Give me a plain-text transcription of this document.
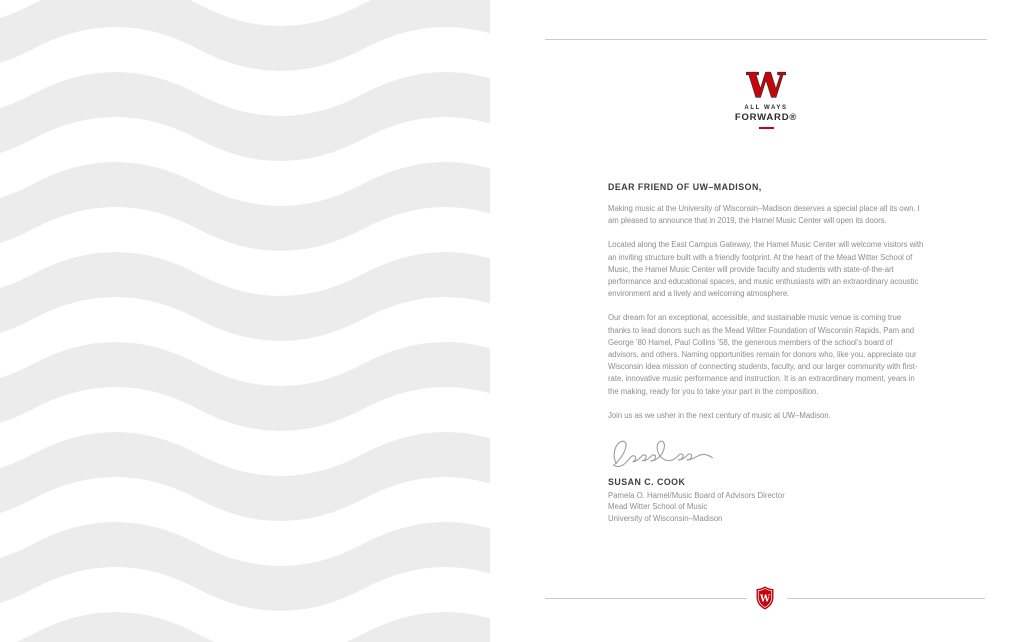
W
ALL WAYS
FORWARD®
DEAR FRIEND OF UW–MADISON,

Making music at the University of Wisconsin–Madison deserves a special place all its own. I am pleased to announce that in 2019, the Hamel Music Center will open its doors.

Located along the East Campus Gateway, the Hamel Music Center will welcome visitors with an inviting structure built with a friendly footprint. At the heart of the Mead Witter School of Music, the Hamel Music Center will provide faculty and students with state-of-the-art performance and educational spaces, and music enthusiasts with an extraordinary acoustic environment and a lively and welcoming atmosphere.

Our dream for an exceptional, accessible, and sustainable music venue is coming true thanks to lead donors such as the Mead Witter Foundation of Wisconsin Rapids, Pam and George ’80 Hamel, Paul Collins ’58, the generous members of the school’s board of advisors, and others. Naming opportunities remain for donors who, like you, appreciate our Wisconsin Idea mission of connecting students, faculty, and our larger community with first-rate, innovative music performance and instruction. It is an extraordinary moment, years in the making, ready for you to take your part in the composition.

Join us as we usher in the next century of music at UW–Madison.

SUSAN C. COOK
Pamela O. Hamel/Music Board of Advisors Director
Mead Witter School of Music
University of Wisconsin–Madison
W
